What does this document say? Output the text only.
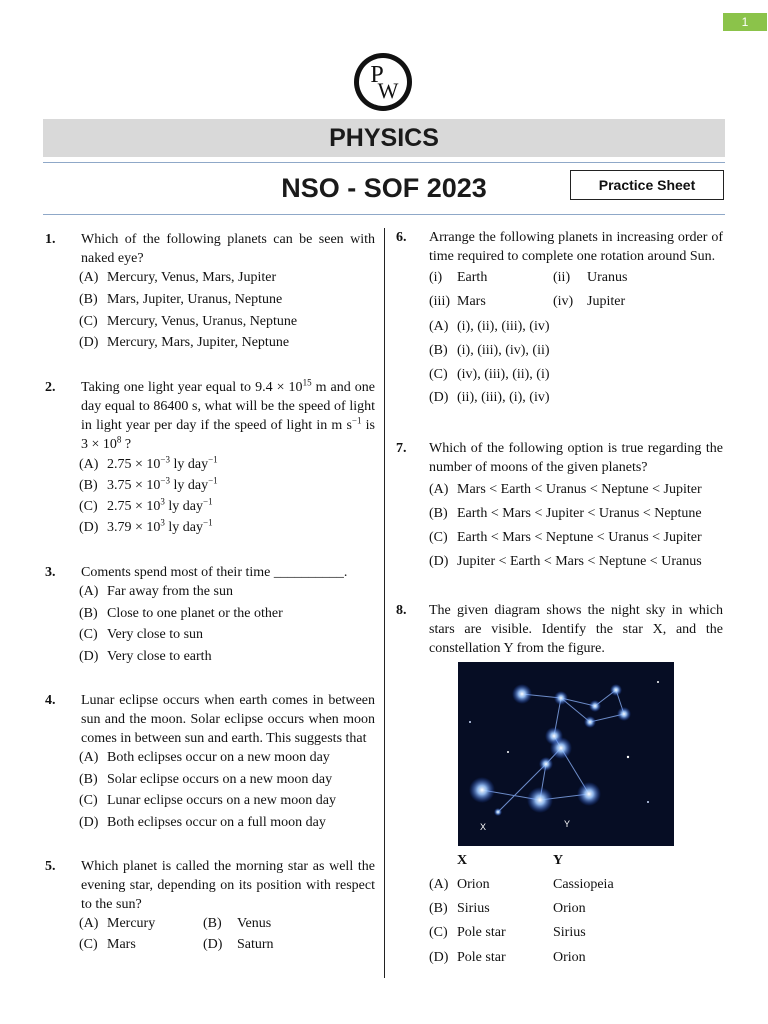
1
P
W
PHYSICS
NSO - SOF 2023	Practice Sheet
1. Which of the following planets can be seen with naked eye?
(A) Mercury, Venus, Mars, Jupiter
(B) Mars, Jupiter, Uranus, Neptune
(C) Mercury, Venus, Uranus, Neptune
(D) Mercury, Mars, Jupiter, Neptune
2. Taking one light year equal to $9.4 \times 10^{15}$ m and one day equal to 86400 s, what will be the speed of light in light year per day if the speed of light in m $s^{-1}$ is $3 \times 10^8$ ?
(A) $2.75 \times 10^{-3}$ ly day$^{-1}$
(B) $3.75 \times 10^{-3}$ ly day$^{-1}$
(C) $2.75 \times 10^3$ ly day$^{-1}$
(D) $3.79 \times 10^3$ ly day$^{-1}$
3. Coments spend most of their time __________.
(A) Far away from the sun
(B) Close to one planet or the other
(C) Very close to sun
(D) Very close to earth
4. Lunar eclipse occurs when earth comes in between sun and the moon. Solar eclipse occurs when moon comes in between sun and earth. This suggests that
(A) Both eclipses occur on a new moon day
(B) Solar eclipse occurs on a new moon day
(C) Lunar eclipse occurs on a new moon day
(D) Both eclipses occur on a full moon day
5. Which planet is called the morning star as well the evening star, depending on its position with respect to the sun?
(A) Mercury	(B) Venus
(C) Mars	(D) Saturn
6. Arrange the following planets in increasing order of time required to complete one rotation around Sun.
(i) Earth	(ii) Uranus
(iii) Mars	(iv) Jupiter
(A) (i), (ii), (iii), (iv)
(B) (i), (iii), (iv), (ii)
(C) (iv), (iii), (ii), (i)
(D) (ii), (iii), (i), (iv)
7. Which of the following option is true regarding the number of moons of the given planets?
(A) Mars < Earth < Uranus < Neptune < Jupiter
(B) Earth < Mars < Jupiter < Uranus < Neptune
(C) Earth < Mars < Neptune < Uranus < Jupiter
(D) Jupiter < Earth < Mars < Neptune < Uranus
8. The given diagram shows the night sky in which stars are visible. Identify the star X, and the constellation Y from the figure.
X	Y
X	Y
(A) Orion	Cassiopeia
(B) Sirius	Orion
(C) Pole star	Sirius
(D) Pole star	Orion
